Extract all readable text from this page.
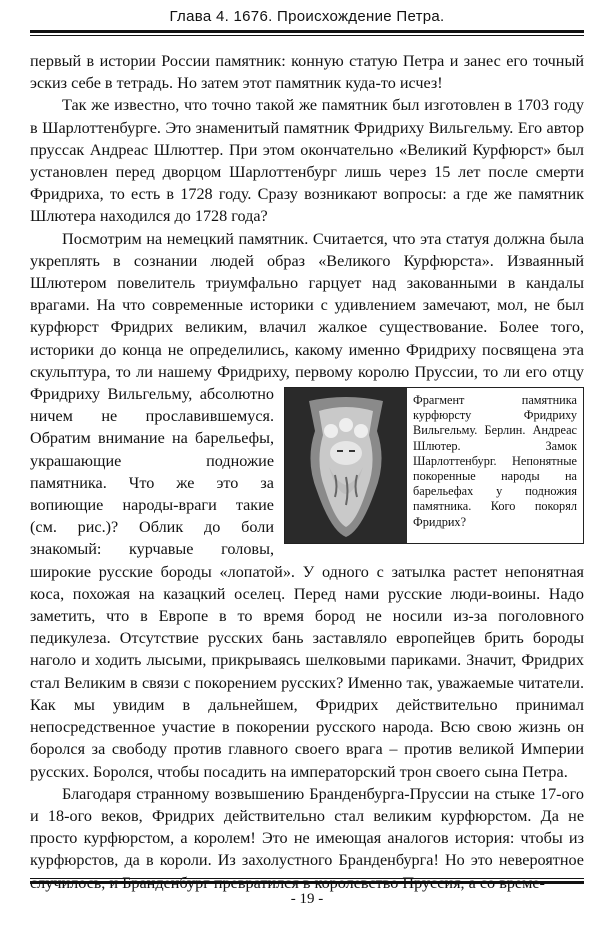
Глава 4. 1676. Происхождение Петра.

первый в истории России памятник: конную статую Петра и занес его точный эскиз себе в тетрадь. Но затем этот памятник куда-то исчез!

Так же известно, что точно такой же памятник был изготовлен в 1703 году в Шарлоттенбурге. Это знаменитый памятник Фридриху Вильгельму. Его автор пруссак Андреас Шлюттер. При этом окончательно «Великий Курфюрст» был установлен перед дворцом Шарлоттенбург лишь через 15 лет после смерти Фридриха, то есть в 1728 году. Сразу возникают вопросы: а где же памятник Шлютера находился до 1728 года?

Посмотрим на немецкий памятник. Считается, что эта статуя должна была укреплять в сознании людей образ «Великого Курфюрста». Изваянный Шлютером повелитель триумфально гарцует над закованными в кандалы врагами. На что современные историки с удивлением замечают, мол, не был курфюрст Фридрих великим, влачил жалкое существование. Более того, историки до конца не определились, какому именно Фридриху посвящена эта скульптура, то ли нашему Фридриху, первому королю Пруссии, то
Фрагмент памятника курфюрсту Фридриху Вильгельму. Берлин. Андреас Шлютер. Замок Шарлоттенбург. Непонятные покоренные народы на барельефах у подножия памятника. Кого покорял Фридрих?
ли его отцу Фридриху Вильгельму, абсолютно ничем не прославившемуся. Обратим внимание на барельефы, украшающие подножие памятника. Что же это за вопиющие народы-враги такие (см. рис.)? Облик до боли знакомый: курчавые головы, широкие русские бороды «лопатой». У одного с затылка растет непонятная коса, похожая на казацкий оселец. Перед нами русские люди-воины. Надо заметить, что в Европе в то время бород не носили из-за поголовного педикулеза. Отсутствие русских бань заставляло европейцев брить бороды наголо и ходить лысыми, прикрываясь шелковыми париками. Значит, Фридрих стал Великим в связи с покорением русских? Именно так, уважаемые читатели. Как мы увидим в дальнейшем, Фридрих действительно принимал непосредственное участие в покорении русского народа. Всю свою жизнь он боролся за свободу против главного своего врага – против великой Империи русских. Боролся, чтобы посадить на императорский трон своего сына Петра.

Благодаря странному возвышению Бранденбурга-Пруссии на стыке 17-ого и 18-ого веков, Фридрих действительно стал великим курфюрстом. Да не просто курфюрстом, а королем! Это не имеющая аналогов история: чтобы из курфюрстов, да в короли. Из захолустного Бранденбурга! Но это невероятное случилось, и Бранденбург превратился в королевство Пруссия, а со време-

- 19 -
